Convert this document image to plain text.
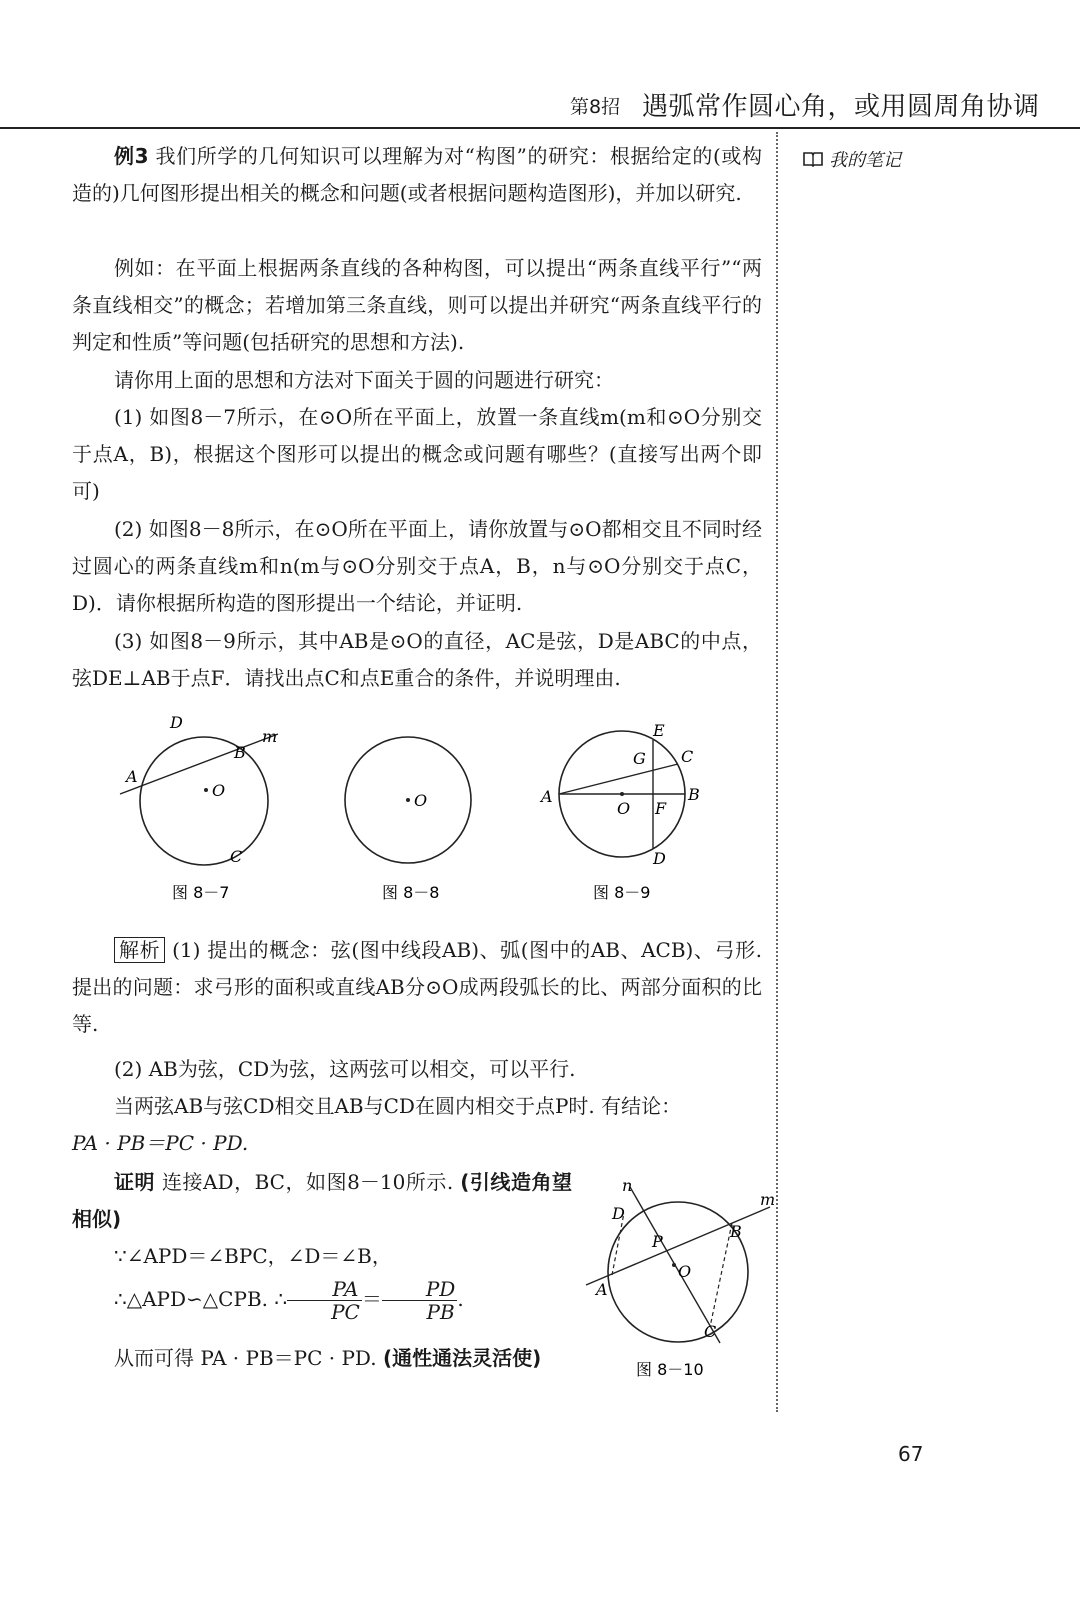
第8招 遇弧常作圆心角，或用圆周角协调
我的笔记

例3 我们所学的几何知识可以理解为对“构图”的研究：根据给定的(或构造的)几何图形提出相关的概念和问题(或者根据问题构造图形)，并加以研究.

例如：在平面上根据两条直线的各种构图，可以提出“两条直线平行”“两条直线相交”的概念；若增加第三条直线，则可以提出并研究“两条直线平行的判定和性质”等问题(包括研究的思想和方法).

请你用上面的思想和方法对下面关于圆的问题进行研究：

(1) 如图8－7所示，在⊙O所在平面上，放置一条直线m(m和⊙O分别交于点A，B)，根据这个图形可以提出的概念或问题有哪些？(直接写出两个即可)

(2) 如图8－8所示，在⊙O所在平面上，请你放置与⊙O都相交且不同时经过圆心的两条直线m和n(m与⊙O分别交于点A，B，n与⊙O分别交于点C，D)．请你根据所构造的图形提出一个结论，并证明.

(3) 如图8－9所示，其中AB是⊙O的直径，AC是弦，D是ABC的中点，弦DE⊥AB于点F．请找出点C和点E重合的条件，并说明理由.

D
B
m
A
O
C
图 8－7
O
图 8－8
E
C
G
A
O F
B
D
图 8－9

解析 (1) 提出的概念：弦(图中线段AB)、弧(图中的AB、ACB)、弓形. 提出的问题：求弓形的面积或直线AB分⊙O成两段弧长的比、两部分面积的比等.

(2) AB为弦，CD为弦，这两弦可以相交，可以平行.

当两弦AB与弦CD相交且AB与CD在圆内相交于点P时. 有结论：

PA · PB＝PC · PD.

证明 连接AD，BC，如图8－10所示. (引线造角望相似)

∵∠APD＝∠BPC，∠D＝∠B，

∴△APD∽△CPB. ∴ $\frac{PA}{PC} = \frac{PD}{PB}$ .

从而可得 PA · PB＝PC · PD. (通性通法灵活使)

n
m
D
B
P
O
A
C
图 8－10
67
